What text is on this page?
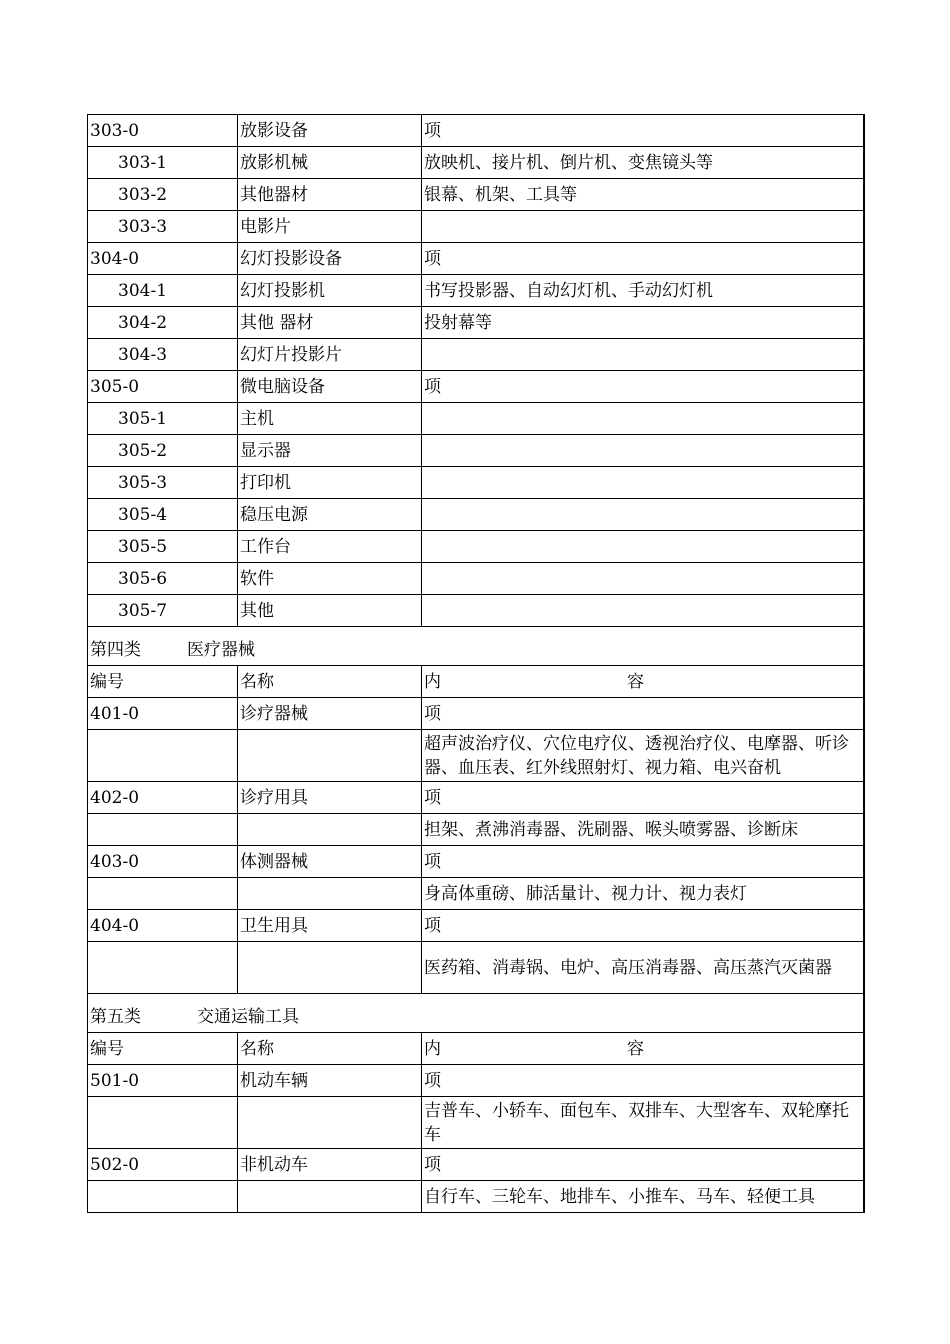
303-0	放影设备	项
303-1	放影机械	放映机、接片机、倒片机、变焦镜头等
303-2	其他器材	银幕、机架、工具等
303-3	电影片	
304-0	幻灯投影设备	项
304-1	幻灯投影机	书写投影器、自动幻灯机、手动幻灯机
304-2	其他 器材	投射幕等
304-3	幻灯片投影片	
305-0	微电脑设备	项
305-1	主机	
305-2	显示器	
305-3	打印机	
305-4	稳压电源	
305-5	工作台	
305-6	软件	
305-7	其他	
第四类 医疗器械		
编号	名称	内 容

401-0	诊疗器械	项
		超声波治疗仪、穴位电疗仪、透视治疗仪、电摩器、听诊器、血压表、红外线照射灯、视力箱、电兴奋机
402-0	诊疗用具	项
		担架、煮沸消毒器、洗刷器、喉头喷雾器、诊断床
403-0	体测器械	项
		身高体重磅、肺活量计、视力计、视力表灯
404-0	卫生用具	项
		医药箱、消毒锅、电炉、高压消毒器、高压蒸汽灭菌器
第五类 交通运输工具		
编号	名称	内 容

501-0	机动车辆	项
		吉普车、小轿车、面包车、双排车、大型客车、双轮摩托车
502-0	非机动车	项
		自行车、三轮车、地排车、小推车、马车、轻便工具
